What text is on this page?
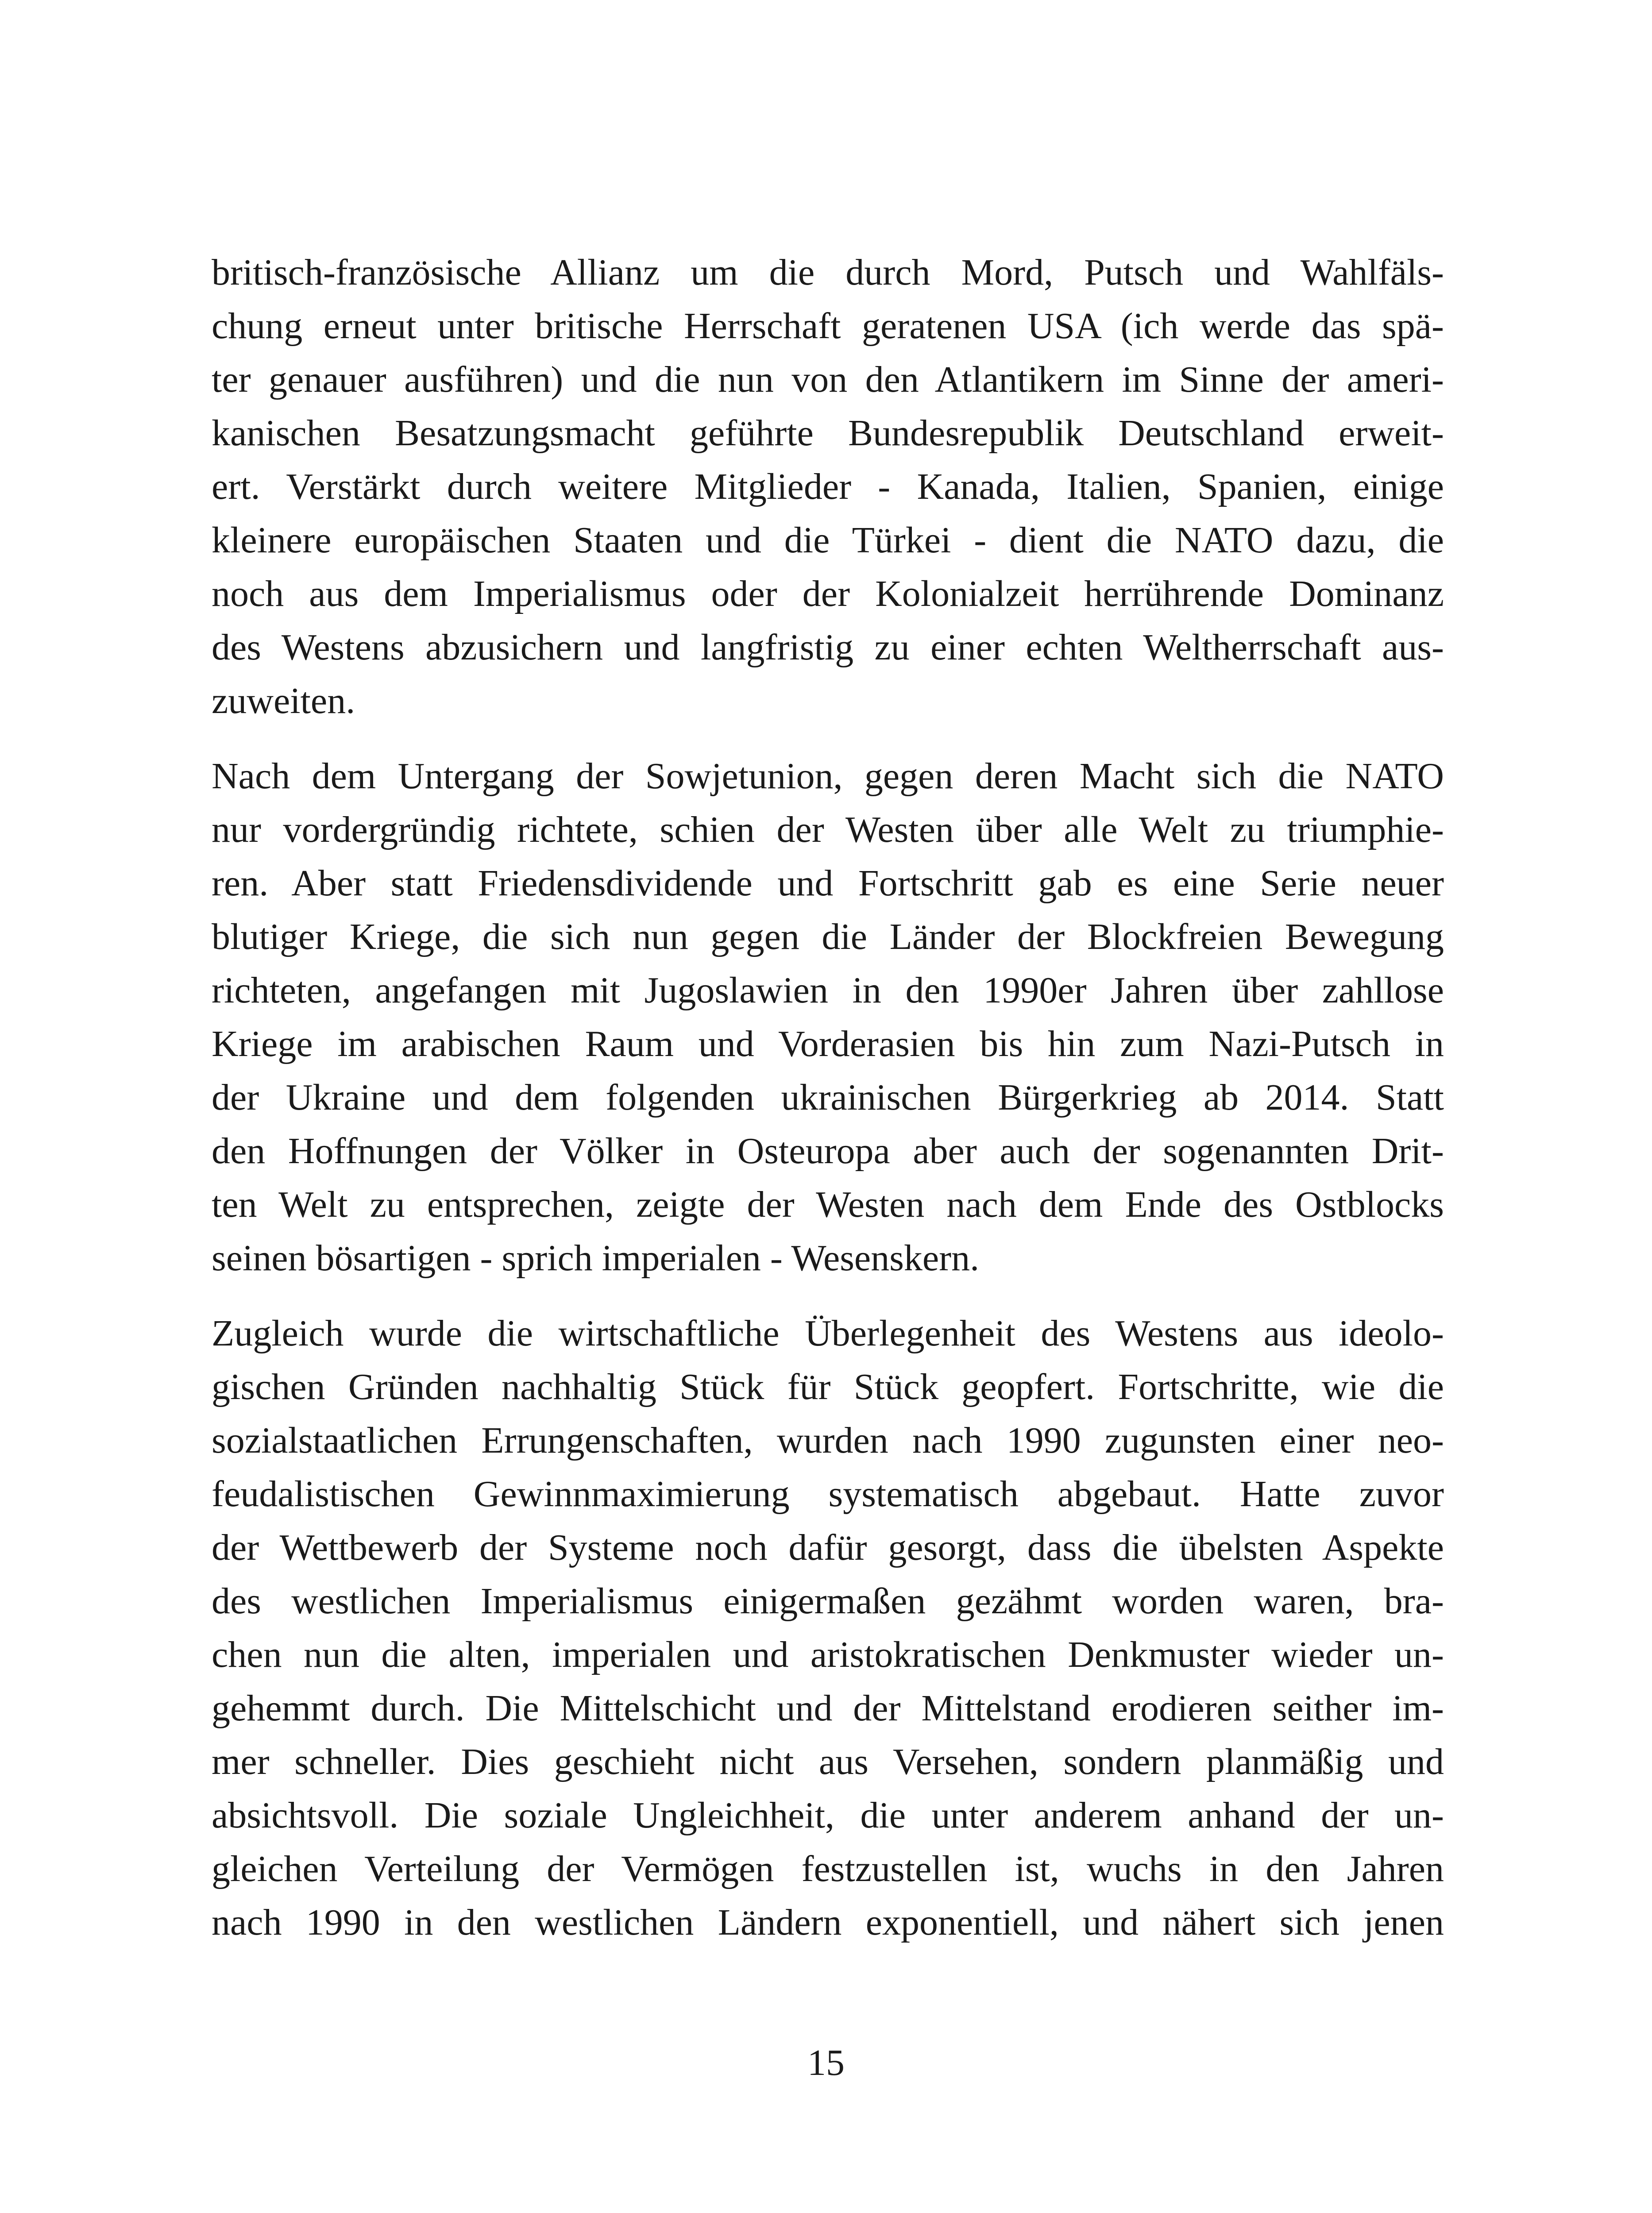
britisch-französische Allianz um die durch Mord, Putsch und Wahlfäls-
chung erneut unter britische Herrschaft geratenen USA (ich werde das spä-
ter genauer ausführen) und die nun von den Atlantikern im Sinne der ameri-
kanischen Besatzungsmacht geführte Bundesrepublik Deutschland erweit-
ert. Verstärkt durch weitere Mitglieder - Kanada, Italien, Spanien, einige
kleinere europäischen Staaten und die Türkei - dient die NATO dazu, die
noch aus dem Imperialismus oder der Kolonialzeit herrührende Dominanz
des Westens abzusichern und langfristig zu einer echten Weltherrschaft aus-
zuweiten.
Nach dem Untergang der Sowjetunion, gegen deren Macht sich die NATO
nur vordergründig richtete, schien der Westen über alle Welt zu triumphie-
ren. Aber statt Friedensdividende und Fortschritt gab es eine Serie neuer
blutiger Kriege, die sich nun gegen die Länder der Blockfreien Bewegung
richteten, angefangen mit Jugoslawien in den 1990er Jahren über zahllose
Kriege im arabischen Raum und Vorderasien bis hin zum Nazi-Putsch in
der Ukraine und dem folgenden ukrainischen Bürgerkrieg ab 2014. Statt
den Hoffnungen der Völker in Osteuropa aber auch der sogenannten Drit-
ten Welt zu entsprechen, zeigte der Westen nach dem Ende des Ostblocks
seinen bösartigen - sprich imperialen - Wesenskern.
Zugleich wurde die wirtschaftliche Überlegenheit des Westens aus ideolo-
gischen Gründen nachhaltig Stück für Stück geopfert. Fortschritte, wie die
sozialstaatlichen Errungenschaften, wurden nach 1990 zugunsten einer neo-
feudalistischen Gewinnmaximierung systematisch abgebaut. Hatte zuvor
der Wettbewerb der Systeme noch dafür gesorgt, dass die übelsten Aspekte
des westlichen Imperialismus einigermaßen gezähmt worden waren, bra-
chen nun die alten, imperialen und aristokratischen Denkmuster wieder un-
gehemmt durch. Die Mittelschicht und der Mittelstand erodieren seither im-
mer schneller. Dies geschieht nicht aus Versehen, sondern planmäßig und
absichtsvoll. Die soziale Ungleichheit, die unter anderem anhand der un-
gleichen Verteilung der Vermögen festzustellen ist, wuchs in den Jahren
nach 1990 in den westlichen Ländern exponentiell, und nähert sich jenen
15
